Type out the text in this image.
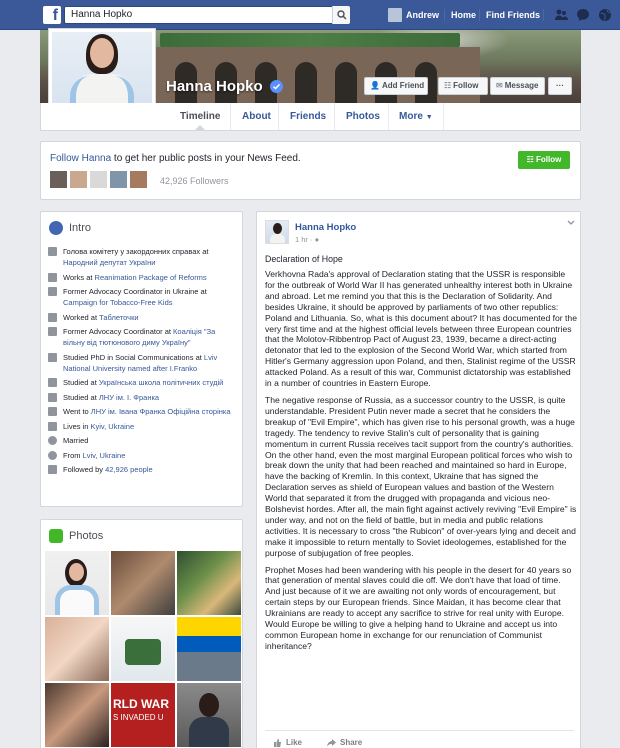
f	Hanna Hopko	Andrew Home Find Friends
Hanna Hopko	👤 Add Friend	☷ Follow	✉ Message	···
Timeline About Friends Photos More ▼
Follow Hanna to get her public posts in your News Feed.	☷ Follow
42,926 Followers
Intro
Голова комітету у закордонних справах at Народний депутат України
Works at Reanimation Package of Reforms
Former Advocacy Coordinator in Ukraine at Campaign for Tobacco-Free Kids
Worked at Таблеточки
Former Advocacy Coordinator at Коаліція "За вільну від тютюнового диму Україну"
Studied PhD in Social Communications at Lviv National University named after I.Franko
Studied at Українська школа політичних студій
Studied at ЛНУ ім. І. Франка
Went to ЛНУ ім. Івана Франка Офіційна сторінка
Lives in Kyiv, Ukraine
Married
From Lviv, Ukraine
Followed by 42,926 people
Photos
RLD WAR
S INVADED U
Hanna Hopko
1 hr · ●
Declaration of Hope

Verkhovna Rada's approval of Declaration stating that the USSR is responsible for the outbreak of World War II has generated unhealthy interest both in Ukraine and abroad. Let me remind you that this is the Declaration of Solidarity. And besides Ukraine, it should be approved by parliaments of two other republics: Poland and Lithuania. So, what is this document about? It has documented for the very first time and at the highest official levels between three European countries that the Molotov-Ribbentrop Pact of August 23, 1939, became a direct-acting detonator that led to the explosion of the Second World War, which started from Hitler's Germany aggression upon Poland, and then, Stalinist regime of the USSR attacked Poland. As a result of this war, Communist dictatorship was established in a number of countries in Eastern Europe.

The negative response of Russia, as a successor country to the USSR, is quite understandable. President Putin never made a secret that he considers the breakup of "Evil Empire", which has given rise to his personal growth, was a huge tragedy. The tendency to revive Stalin's cult of personality that is gaining momentum in current Russia receives tacit support from the country's authorities. On the other hand, even the most marginal European political forces who wish to break down the unity that had been reached and maintained so hard in Europe, have the backing of Kremlin. In this context, Ukraine that has signed the Declaration serves as shield of European values and bastion of the Western World that separated it from the drugged with propaganda and vicious neo-Bolshevist hordes. After all, the main fight against actively reviving "Evil Empire" is under way, and not on the field of battle, but in media and public relations activities. It is necessary to cross "the Rubicon" of over-years lying and deceit and make it impossible to return mentally to Soviet ideologemes, established for the purpose of subjugation of free peoples.

Prophet Moses had been wandering with his people in the desert for 40 years so that generation of mental slaves could die off. We don't have that load of time. And just because of it we are awaiting not only words of encouragement, but certain steps by our European friends. Since Maidan, it has become clear that Ukrainians are ready to accept any sacrifice to strive for real unity with Europe. Would Europe be willing to give a helping hand to Ukraine and accept us into common European home in exchange for our renunciation of Communist inheritance?

Like	Share
